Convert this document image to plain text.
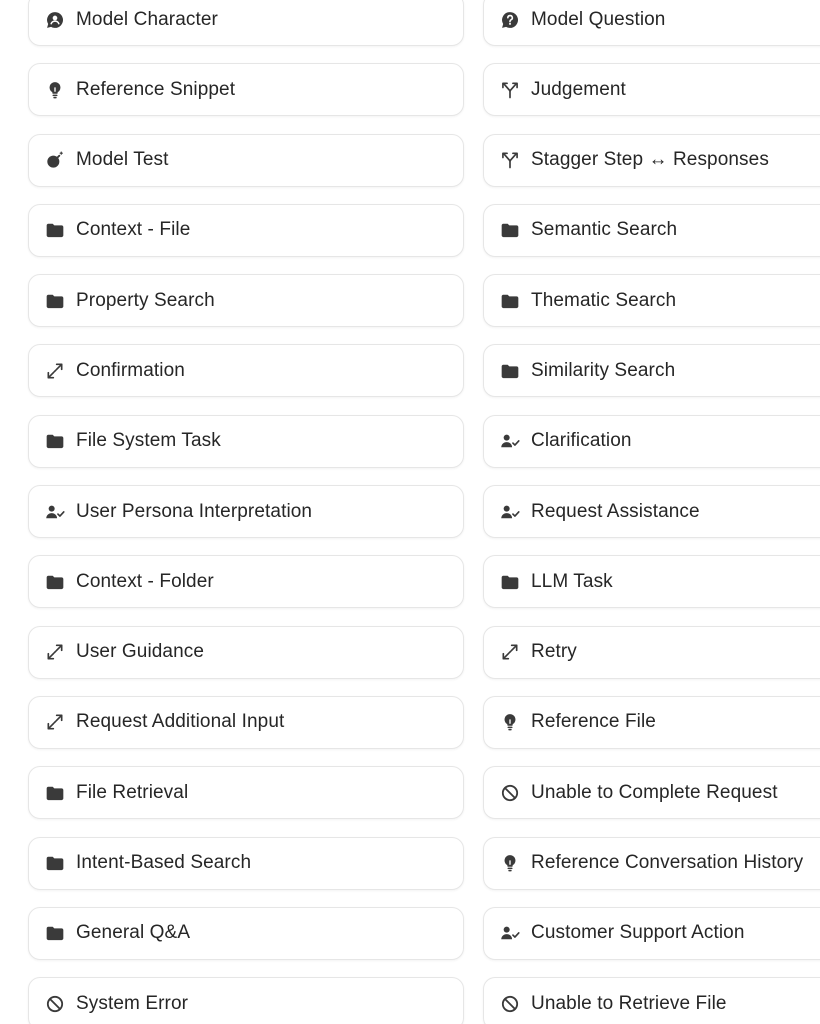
Model Character	Model Question
Reference Snippet	Judgement
Model Test	Stagger Step ↔ Responses
Context - File	Semantic Search
Property Search	Thematic Search
Confirmation	Similarity Search
File System Task	Clarification
User Persona Interpretation	Request Assistance
Context - Folder	LLM Task
User Guidance	Retry
Request Additional Input	Reference File
File Retrieval	Unable to Complete Request
Intent-Based Search	Reference Conversation History
General Q&A	Customer Support Action
System Error	Unable to Retrieve File
